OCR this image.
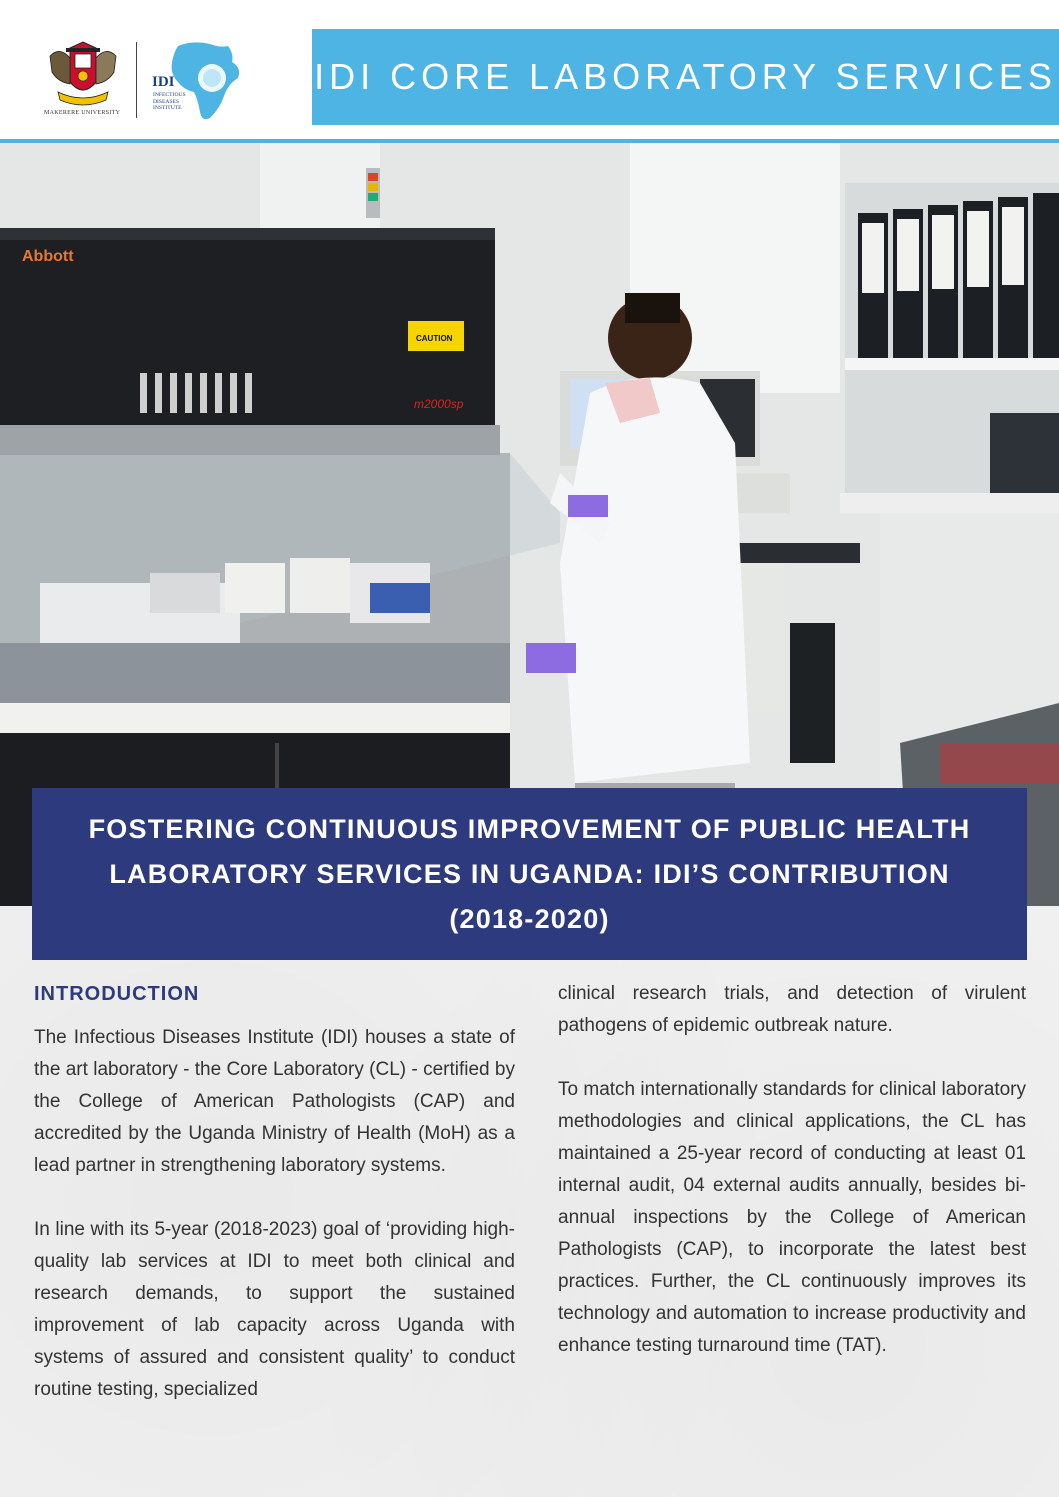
MAKERERE UNIVERSITY
IDI
INFECTIOUS DISEASES INSTITUTE
IDI CORE LABORATORY SERVICES
Abbott
CAUTION
m2000sp
FOSTERING CONTINUOUS IMPROVEMENT OF PUBLIC HEALTH LABORATORY SERVICES IN UGANDA: IDI’S CONTRIBUTION (2018-2020)
INTRODUCTION

The Infectious Diseases Institute (IDI) houses a state of the art laboratory - the Core Laboratory (CL) - certified by the College of American Pathologists (CAP) and accredited by the Uganda Ministry of Health (MoH) as a lead partner in strengthening laboratory systems.

In line with its 5-year (2018-2023) goal of ‘providing high-quality lab services at IDI to meet both clinical and research demands, to support the sustained improvement of lab capacity across Uganda with systems of assured and consistent quality’ to conduct routine testing, specialized

clinical research trials, and detection of virulent pathogens of epidemic outbreak nature.

To match internationally standards for clinical laboratory methodologies and clinical applications, the CL has maintained a 25-year record of conducting at least 01 internal audit, 04 external audits annually, besides bi-annual inspections by the College of American Pathologists (CAP), to incorporate the latest best practices. Further, the CL continuously improves its technology and automation to increase productivity and enhance testing turnaround time (TAT).
